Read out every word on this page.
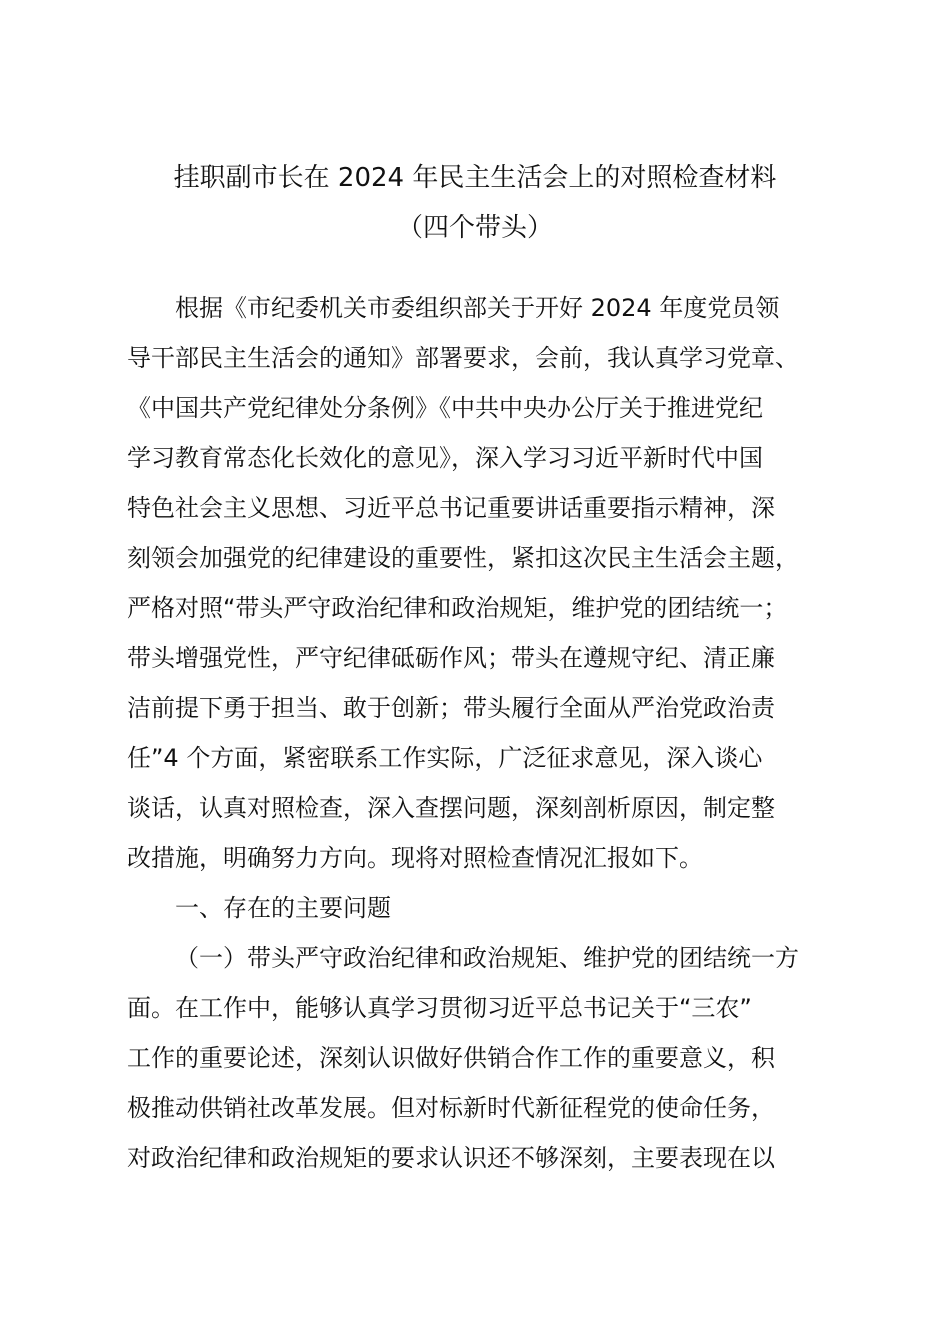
挂职副市长在 2024 年民主生活会上的对照检查材料
（四个带头）
根据《市纪委机关市委组织部关于开好 2024 年度党员领
导干部民主生活会的通知》部署要求，会前，我认真学习党章、
《中国共产党纪律处分条例》《中共中央办公厅关于推进党纪
学习教育常态化长效化的意见》，深入学习习近平新时代中国
特色社会主义思想、习近平总书记重要讲话重要指示精神，深
刻领会加强党的纪律建设的重要性，紧扣这次民主生活会主题，
严格对照“带头严守政治纪律和政治规矩，维护党的团结统一；
带头增强党性，严守纪律砥砺作风；带头在遵规守纪、清正廉
洁前提下勇于担当、敢于创新；带头履行全面从严治党政治责
任”4 个方面，紧密联系工作实际，广泛征求意见，深入谈心
谈话，认真对照检查，深入查摆问题，深刻剖析原因，制定整
改措施，明确努力方向。现将对照检查情况汇报如下。
一、存在的主要问题
（一）带头严守政治纪律和政治规矩、维护党的团结统一方
面。在工作中，能够认真学习贯彻习近平总书记关于“三农”
工作的重要论述，深刻认识做好供销合作工作的重要意义，积
极推动供销社改革发展。但对标新时代新征程党的使命任务，
对政治纪律和政治规矩的要求认识还不够深刻，主要表现在以
